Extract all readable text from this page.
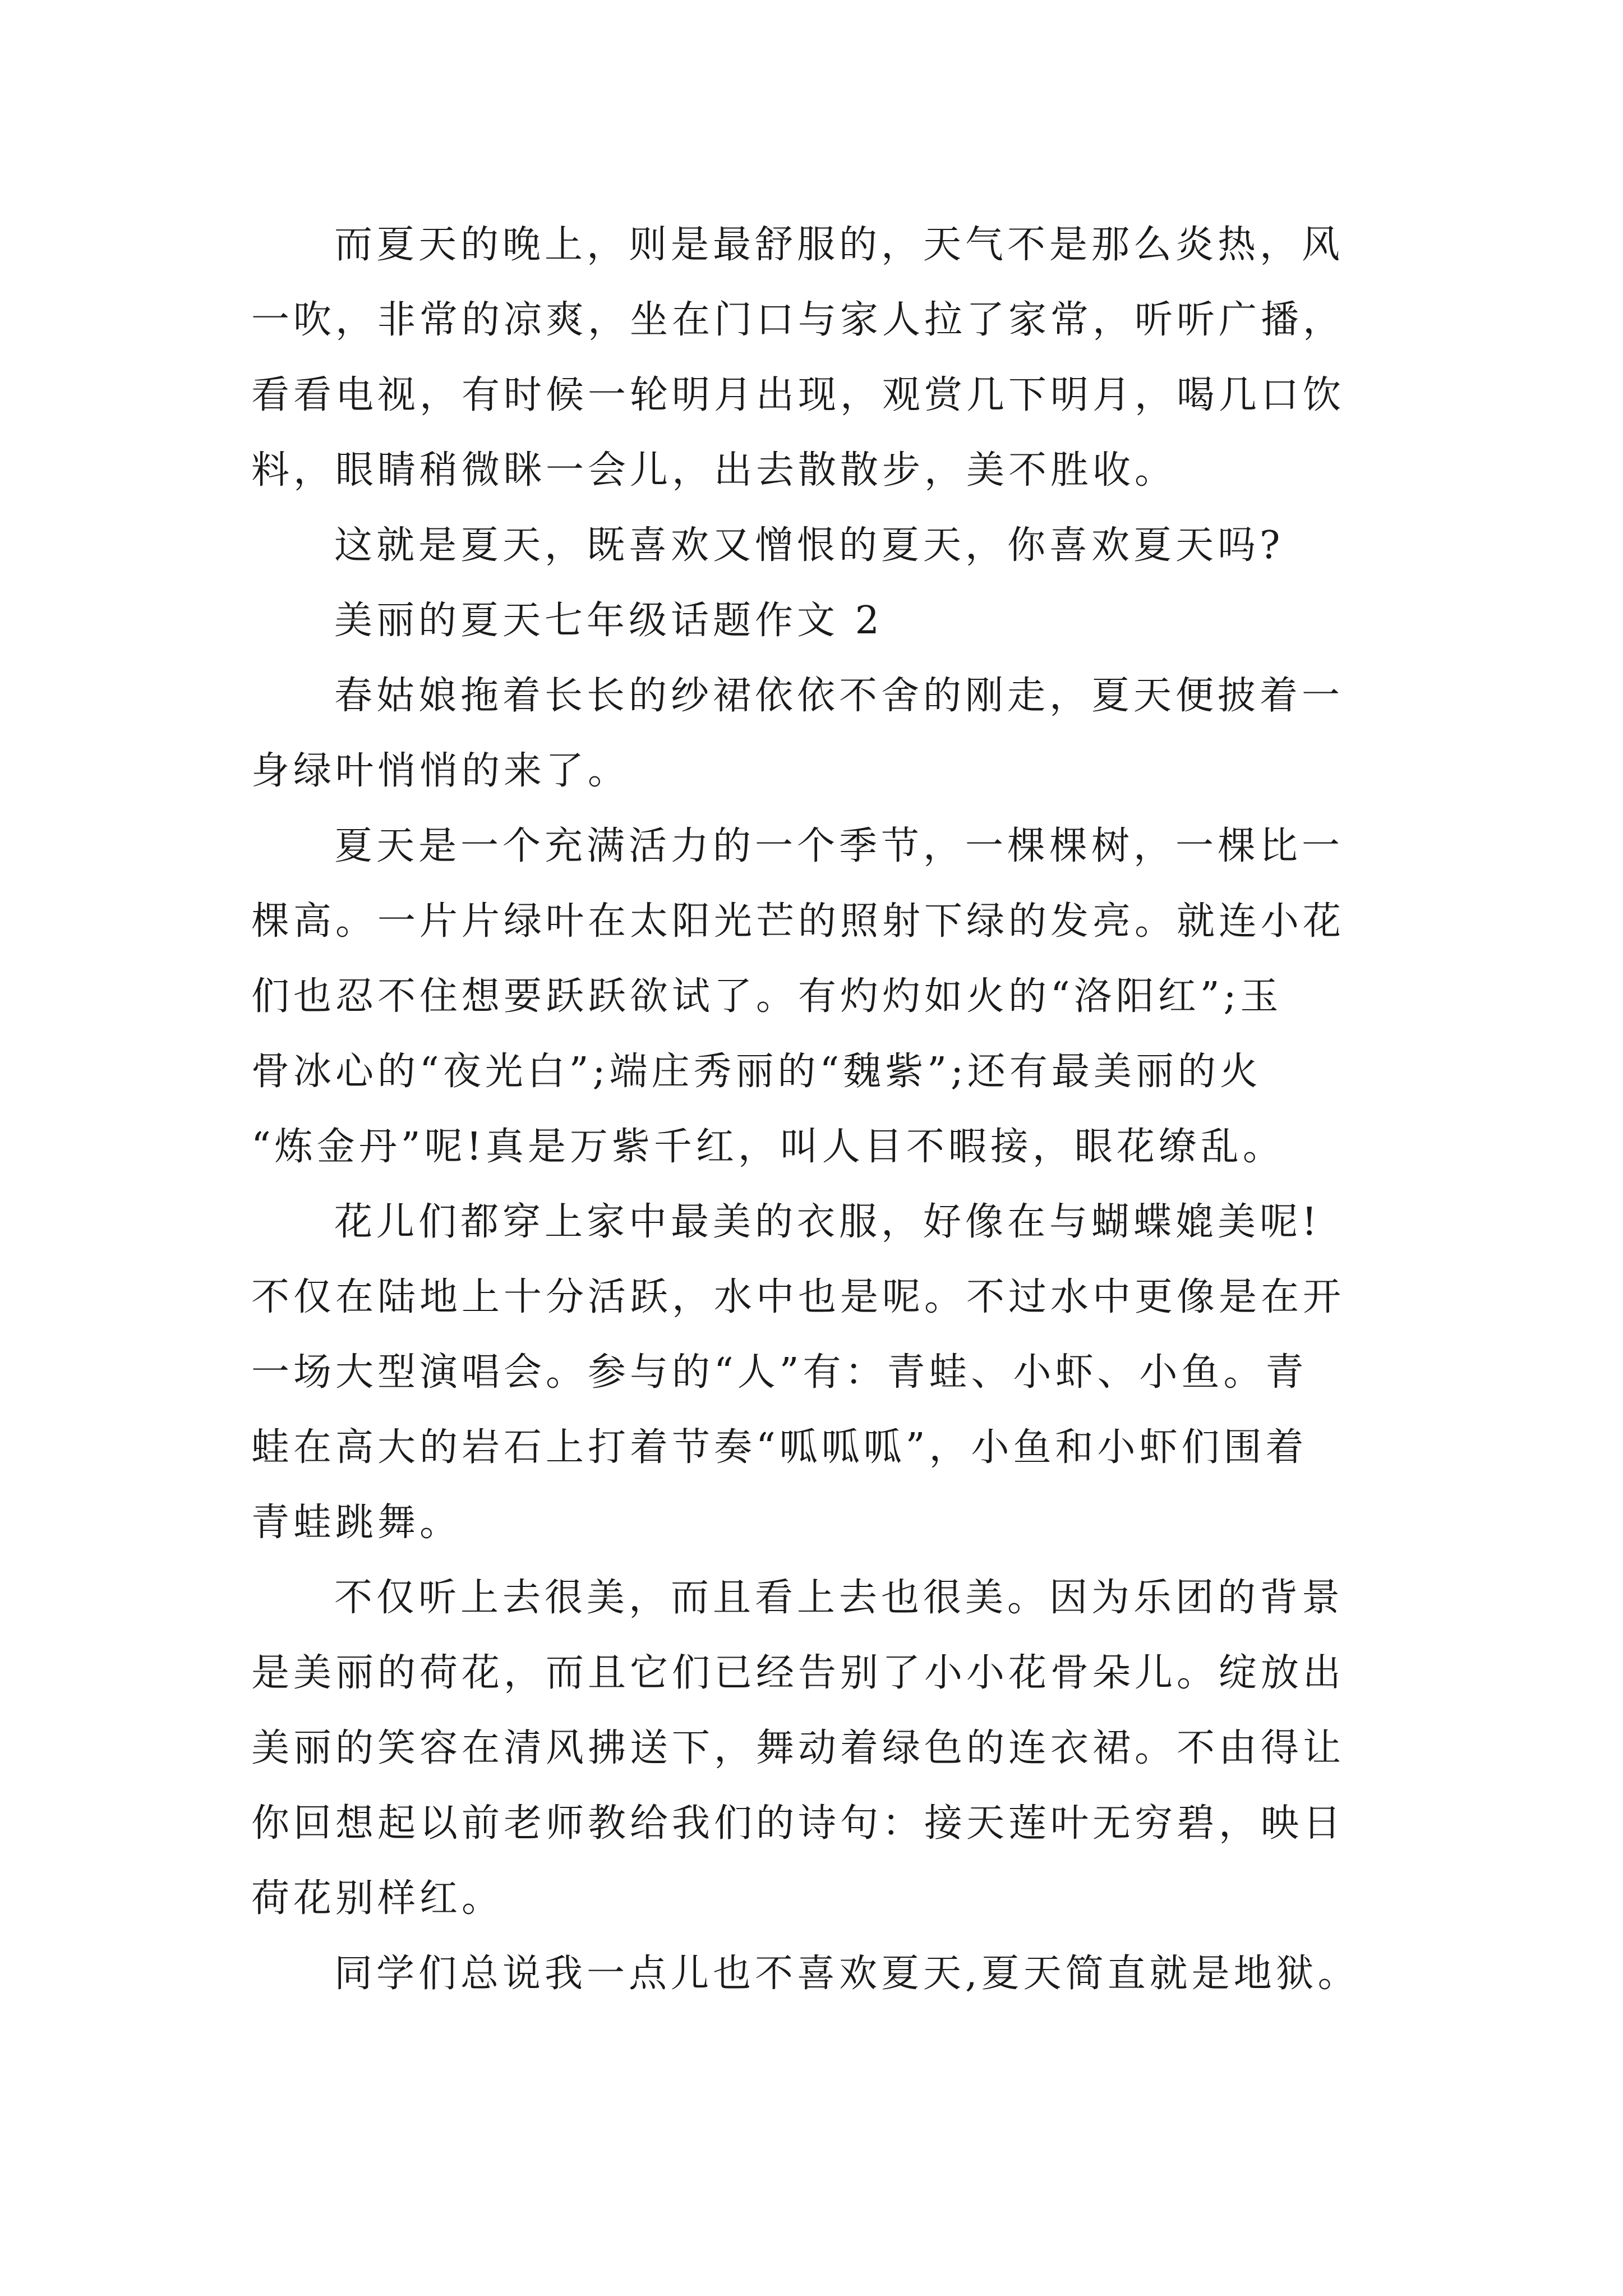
而夏天的晚上，则是最舒服的，天气不是那么炎热，风
一吹，非常的凉爽，坐在门口与家人拉了家常，听听广播，
看看电视，有时候一轮明月出现，观赏几下明月，喝几口饮
料，眼睛稍微眯一会儿，出去散散步，美不胜收。

这就是夏天，既喜欢又憎恨的夏天，你喜欢夏天吗?

美丽的夏天七年级话题作文 2

春姑娘拖着长长的纱裙依依不舍的刚走，夏天便披着一
身绿叶悄悄的来了。

夏天是一个充满活力的一个季节，一棵棵树，一棵比一
棵高。一片片绿叶在太阳光芒的照射下绿的发亮。就连小花
们也忍不住想要跃跃欲试了。有灼灼如火的“洛阳红”;玉
骨冰心的“夜光白”;端庄秀丽的“魏紫”;还有最美丽的火
“炼金丹”呢!真是万紫千红，叫人目不暇接，眼花缭乱。

花儿们都穿上家中最美的衣服，好像在与蝴蝶媲美呢!
不仅在陆地上十分活跃，水中也是呢。不过水中更像是在开
一场大型演唱会。参与的“人”有：青蛙、小虾、小鱼。青
蛙在高大的岩石上打着节奏“呱呱呱”，小鱼和小虾们围着
青蛙跳舞。

不仅听上去很美，而且看上去也很美。因为乐团的背景
是美丽的荷花，而且它们已经告别了小小花骨朵儿。绽放出
美丽的笑容在清风拂送下，舞动着绿色的连衣裙。不由得让
你回想起以前老师教给我们的诗句：接天莲叶无穷碧，映日
荷花别样红。

同学们总说我一点儿也不喜欢夏天,夏天简直就是地狱。
